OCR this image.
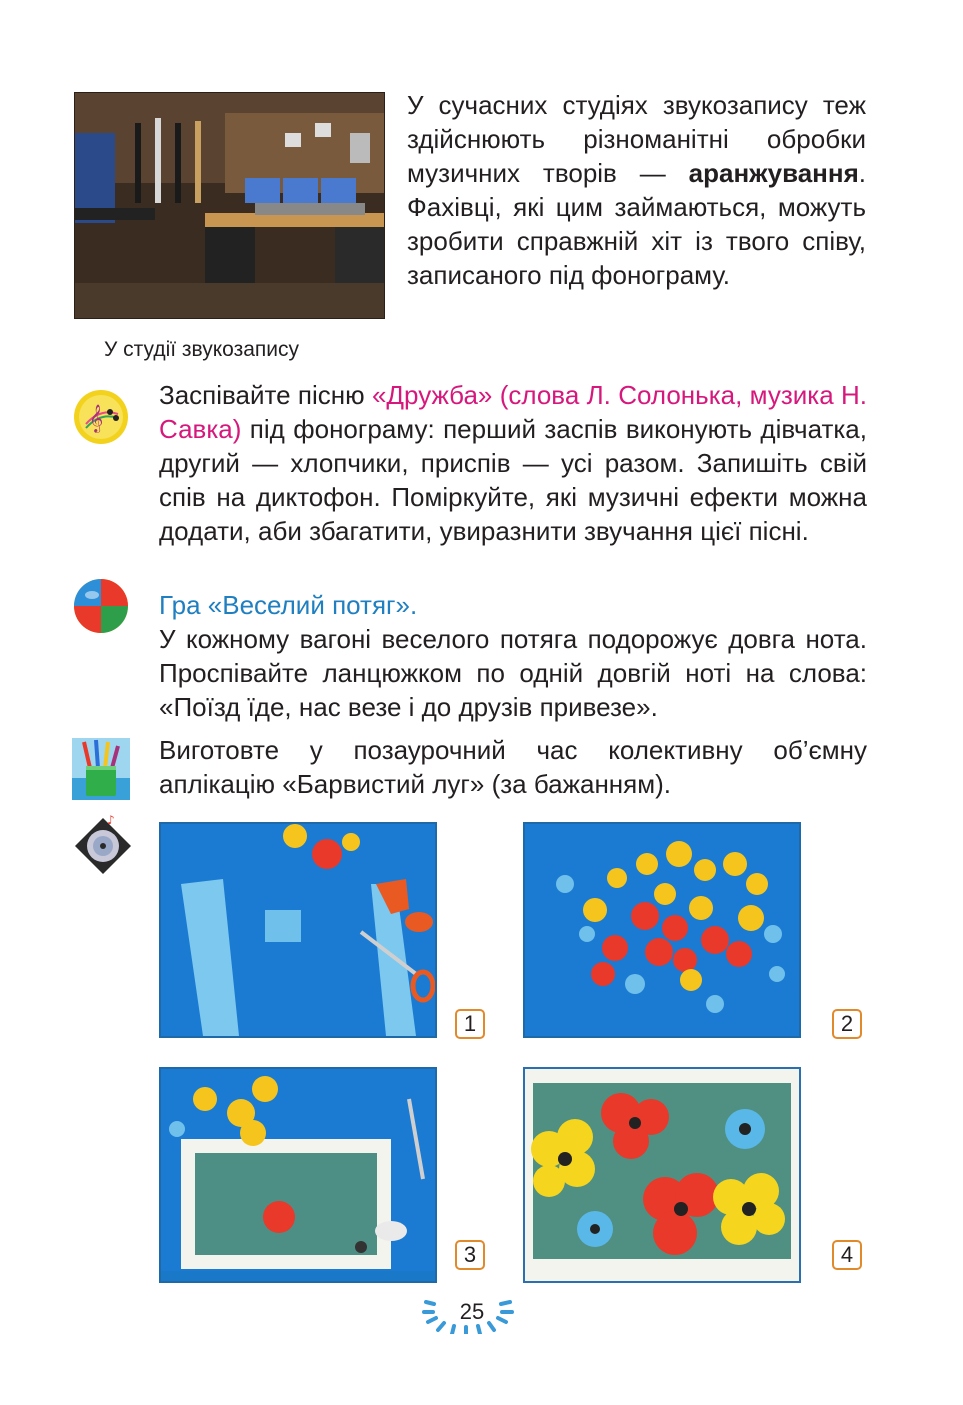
У сучасних студіях звукозапису теж здійснюють різноманітні обробки музичних творів — аранжування. Фахівці, які цим займаються, можуть зробити справжній хіт із твого співу, записаного під фонограму.
У студії звукозапису
𝄞
Заспівайте пісню «Дружба» (слова Л. Солонька, музика Н. Савка) під фонограму: перший заспів виконують дівчатка, другий — хлопчики, приспів — усі разом. Запишіть свій спів на диктофон. Поміркуйте, які музичні ефекти можна додати, аби збагатити, увиразнити звучання цієї пісні.
Гра «Веселий потяг».
У кожному вагоні веселого потяга подорожує довга нота. Проспівайте ланцюжком по одній довгій ноті на слова: «Поїзд їде, нас везе і до друзів привезе».
Виготовте у позаурочний час колективну об’ємну аплікацію «Барвистий луг» (за бажанням).
♪
1	2
3	4
25
